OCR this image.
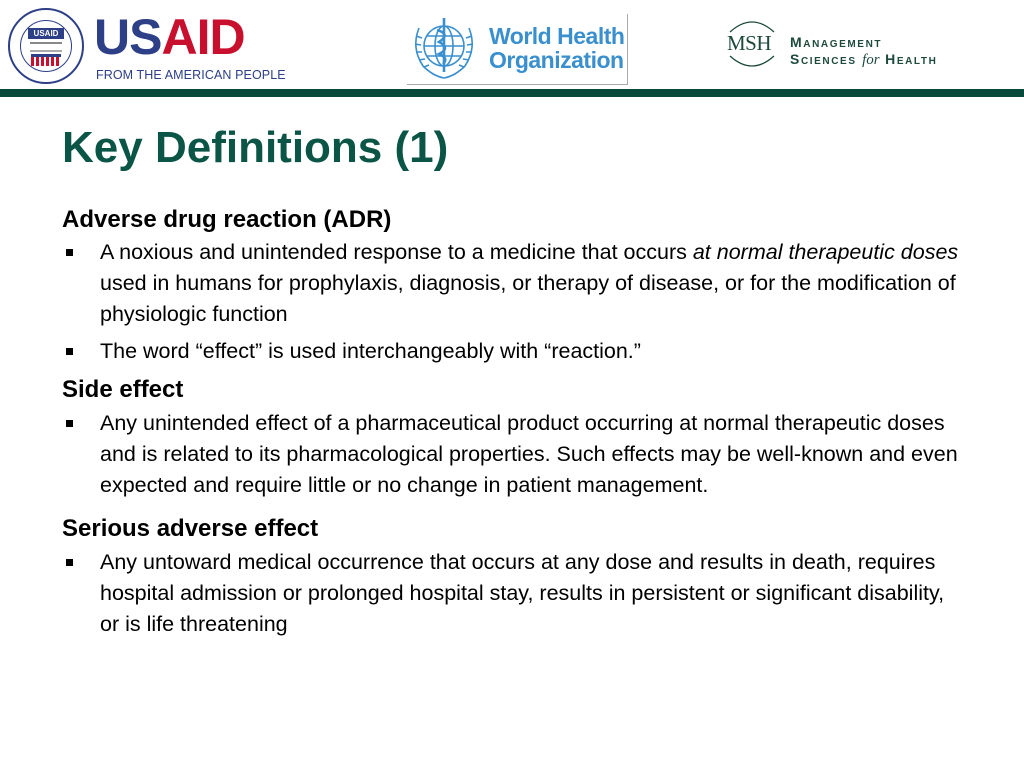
USAID USAID
FROM THE AMERICAN PEOPLE
World Health
Organization
MSH Management
Sciences for Health
Key Definitions (1)

Adverse drug reaction (ADR)

A noxious and unintended response to a medicine that occurs at normal therapeutic doses used in humans for prophylaxis, diagnosis, or therapy of disease, or for the modification of physiologic function

The word “effect” is used interchangeably with “reaction.”

Side effect

Any unintended effect of a pharmaceutical product occurring at normal therapeutic doses and is related to its pharmacological properties. Such effects may be well-known and even expected and require little or no change in patient management.

Serious adverse effect

Any untoward medical occurrence that occurs at any dose and results in death, requires hospital admission or prolonged hospital stay, results in persistent or significant disability, or is life threatening
